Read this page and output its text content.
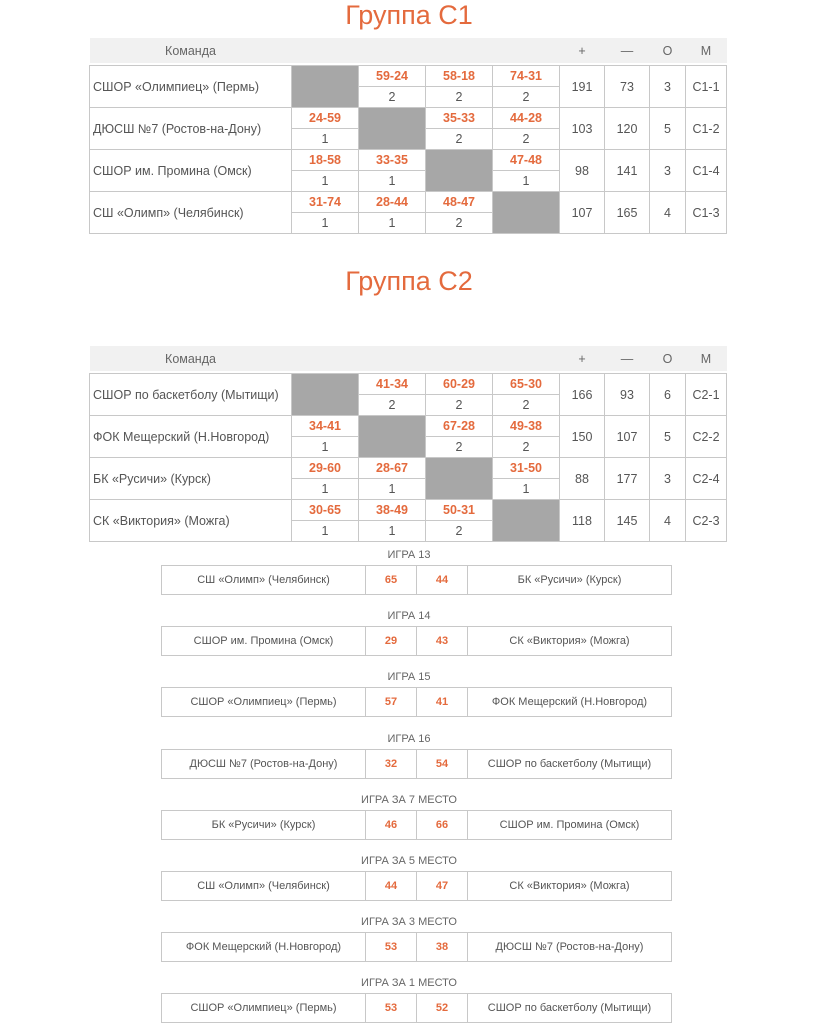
Группа С1
Команда					+	—	О	М

СШОР «Олимпиец» (Пермь)		59-24	58-18	74-31	191	73	3	С1-1
		2	2	2				
ДЮСШ №7 (Ростов-на-Дону)	24-59		35-33	44-28	103	120	5	С1-2
	1		2	2				
СШОР им. Промина (Омск)	18-58	33-35		47-48	98	141	3	С1-4
	1	1		1				
СШ «Олимп» (Челябинск)	31-74	28-44	48-47		107	165	4	С1-3
	1	1	2					
Группа С2
Команда					+	—	О	М

СШОР по баскетболу (Мытищи)		41-34	60-29	65-30	166	93	6	С2-1
		2	2	2				
ФОК Мещерский (Н.Новгород)	34-41		67-28	49-38	150	107	5	С2-2
	1		2	2				
БК «Русичи» (Курск)	29-60	28-67		31-50	88	177	3	С2-4
	1	1		1				
СК «Виктория» (Можга)	30-65	38-49	50-31		118	145	4	С2-3
	1	1	2					
ИГРА 13
СШ «Олимп» (Челябинск)	65	44	БК «Русичи» (Курск)
ИГРА 14
СШОР им. Промина (Омск)	29	43	СК «Виктория» (Можга)
ИГРА 15
СШОР «Олимпиец» (Пермь)	57	41	ФОК Мещерский (Н.Новгород)
ИГРА 16
ДЮСШ №7 (Ростов-на-Дону)	32	54	СШОР по баскетболу (Мытищи)
ИГРА ЗА 7 МЕСТО
БК «Русичи» (Курск)	46	66	СШОР им. Промина (Омск)
ИГРА ЗА 5 МЕСТО
СШ «Олимп» (Челябинск)	44	47	СК «Виктория» (Можга)
ИГРА ЗА 3 МЕСТО
ФОК Мещерский (Н.Новгород)	53	38	ДЮСШ №7 (Ростов-на-Дону)
ИГРА ЗА 1 МЕСТО
СШОР «Олимпиец» (Пермь)	53	52	СШОР по баскетболу (Мытищи)
